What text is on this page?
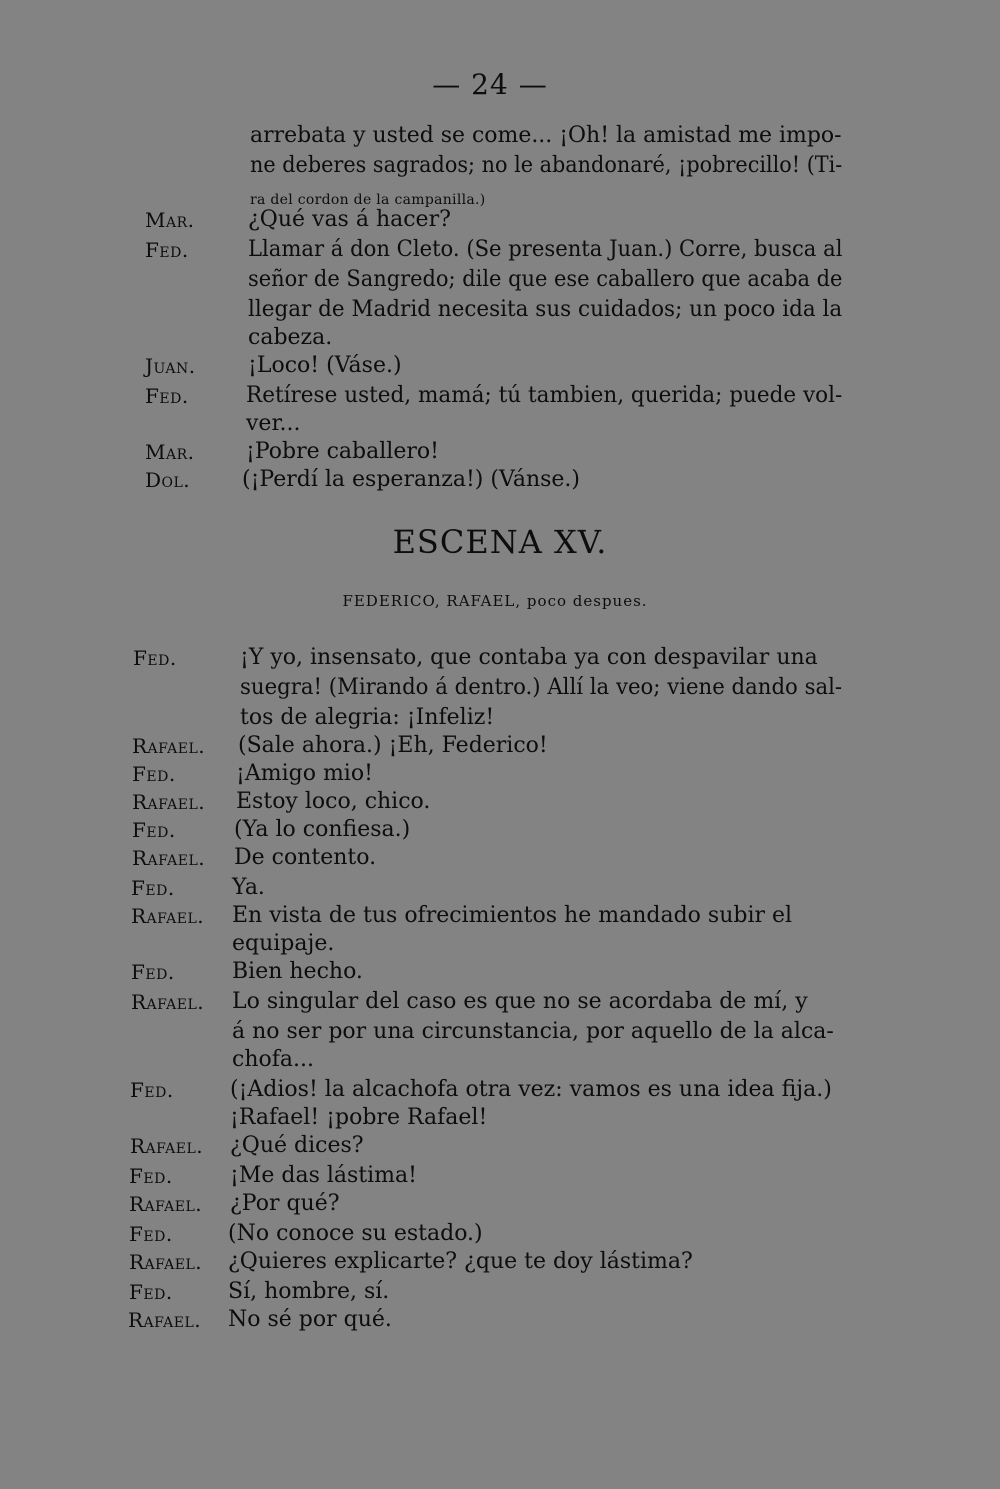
— 24 —
arrebata y usted se come... ¡Oh! la amistad me impo-
ne deberes sagrados; no le abandonaré, ¡pobrecillo! (Ti-
ra del cordon de la campanilla.)
Mar. ¿Qué vas á hacer?
Fed.	Llamar á don Cleto. (Se presenta Juan.) Corre, busca al
señor de Sangredo; dile que ese caballero que acaba de
llegar de Madrid necesita sus cuidados; un poco ida la
cabeza.
Juan. ¡Loco! (Váse.)
Fed.	Retírese usted, mamá; tú tambien, querida; puede vol-
ver...
Mar. ¡Pobre caballero!
Dol. (¡Perdí la esperanza!) (Vánse.)
ESCENA XV.
FEDERICO, RAFAEL, poco despues.
Fed.	¡Y yo, insensato, que contaba ya con despavilar una
suegra! (Mirando á dentro.) Allí la veo; viene dando sal-
tos de alegria: ¡Infeliz!
Rafael. (Sale ahora.) ¡Eh, Federico!
Fed.	¡Amigo mio!
Rafael. Estoy loco, chico.
Fed.	(Ya lo confiesa.)
Rafael. De contento.
Fed.	Ya.
Rafael. En vista de tus ofrecimientos he mandado subir el
equipaje.
Fed.	Bien hecho.
Rafael. Lo singular del caso es que no se acordaba de mí, y
á no ser por una circunstancia, por aquello de la alca-
chofa...
Fed.	(¡Adios! la alcachofa otra vez: vamos es una idea fija.)
¡Rafael! ¡pobre Rafael!
Rafael. ¿Qué dices?
Fed.	¡Me das lástima!
Rafael. ¿Por qué?
Fed.	(No conoce su estado.)
Rafael. ¿Quieres explicarte? ¿que te doy lástima?
Fed.	Sí, hombre, sí.
Rafael. No sé por qué.
